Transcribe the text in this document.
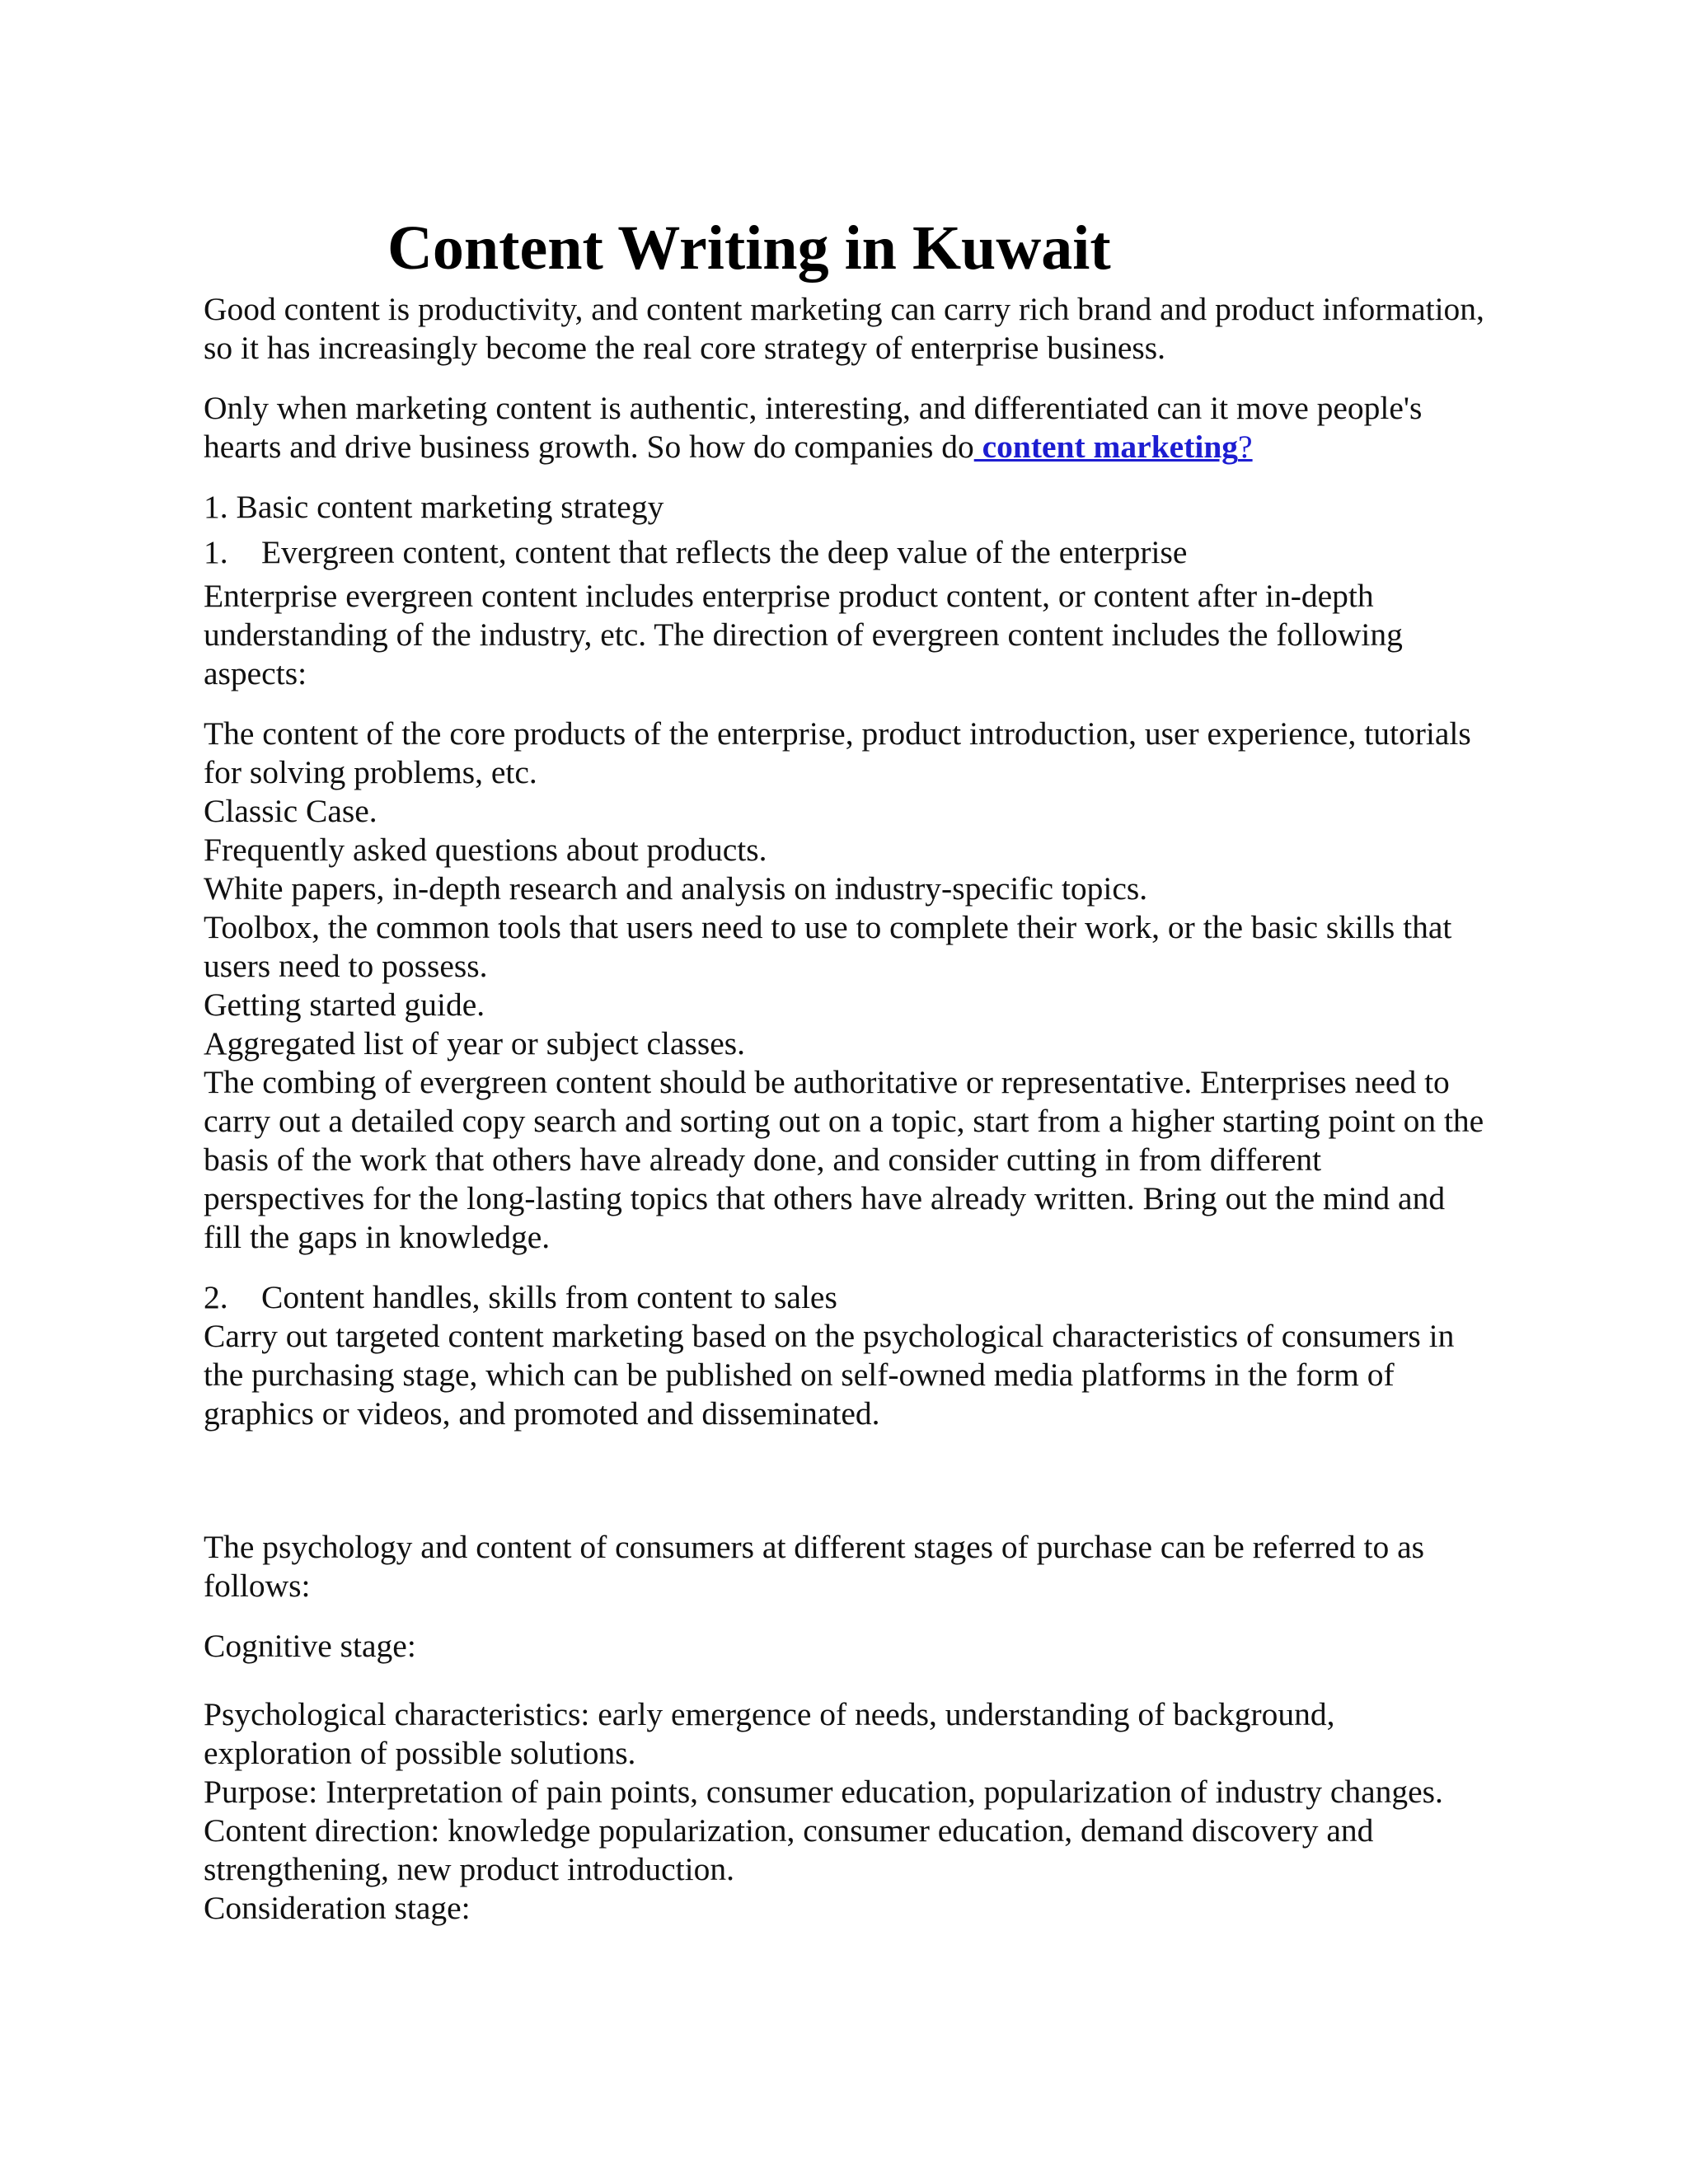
Content Writing in Kuwait

Good content is productivity, and content marketing can carry rich brand and product information, so it has increasingly become the real core strategy of enterprise business.

Only when marketing content is authentic, interesting, and differentiated can it move people's hearts and drive business growth. So how do companies do content marketing?

1. Basic content marketing strategy

1. Evergreen content, content that reflects the deep value of the enterprise

Enterprise evergreen content includes enterprise product content, or content after in-depth understanding of the industry, etc. The direction of evergreen content includes the following aspects:

The content of the core products of the enterprise, product introduction, user experience, tutorials for solving problems, etc.

Classic Case.

Frequently asked questions about products.

White papers, in-depth research and analysis on industry-specific topics.

Toolbox, the common tools that users need to use to complete their work, or the basic skills that users need to possess.

Getting started guide.

Aggregated list of year or subject classes.

The combing of evergreen content should be authoritative or representative. Enterprises need to carry out a detailed copy search and sorting out on a topic, start from a higher starting point on the basis of the work that others have already done, and consider cutting in from different perspectives for the long-lasting topics that others have already written. Bring out the mind and fill the gaps in knowledge.

2. Content handles, skills from content to sales

Carry out targeted content marketing based on the psychological characteristics of consumers in the purchasing stage, which can be published on self-owned media platforms in the form of graphics or videos, and promoted and disseminated.

The psychology and content of consumers at different stages of purchase can be referred to as follows:

Cognitive stage:

Psychological characteristics: early emergence of needs, understanding of background, exploration of possible solutions.

Purpose: Interpretation of pain points, consumer education, popularization of industry changes.

Content direction: knowledge popularization, consumer education, demand discovery and strengthening, new product introduction.

Consideration stage:
